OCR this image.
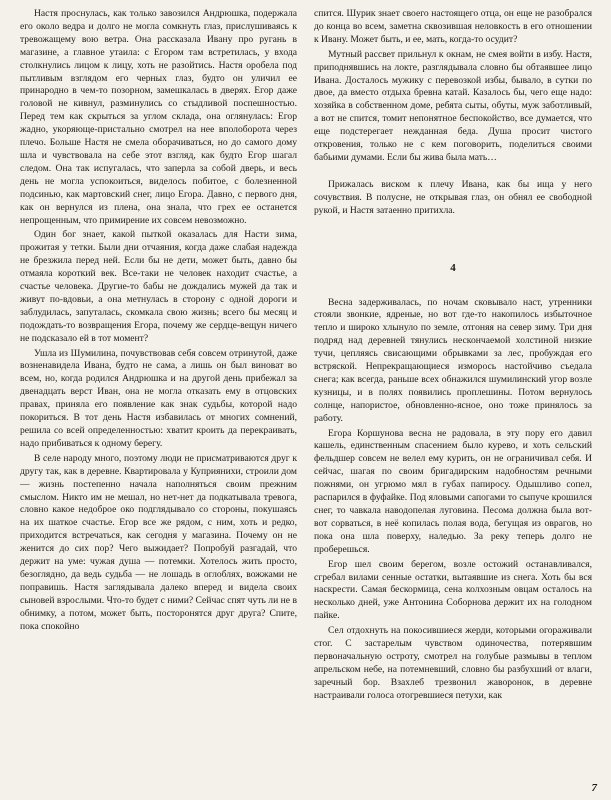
Настя проснулась, как только завозился Андрюшка, подержала его около ведра и долго не могла сомкнуть глаз, прислушиваясь к тревожащему вою ветра. Она рассказала Ивану про ругань в магазине, а главное утаила: с Егором там встретилась, у входа столкнулись лицом к лицу, хоть не разойтись. Настя оробела под пытливым взглядом его черных глаз, будто он уличил ее принародно в чем-то позорном, замешкалась в дверях. Егор даже головой не кивнул, разминулись со стыдливой поспешностью. Перед тем как скрыться за углом склада, она оглянулась: Егор жадно, укоряюще-пристально смотрел на нее вполоборота через плечо. Больше Настя не смела оборачиваться, но до самого дому шла и чувствовала на себе этот взгляд, как будто Егор шагал следом. Она так испугалась, что заперла за собой дверь, и весь день не могла успокоиться, виделось побитое, с болезненной подсинью, как мартовский снег, лицо Егора. Давно, с первого дня, как он вернулся из плена, она знала, что грех ее останется непрощенным, что примирение их совсем невозможно.

Один бог знает, какой пыткой оказалась для Насти зима, прожитая у тетки. Были дни отчаяния, когда даже слабая надежда не брезжила перед ней. Если бы не дети, может быть, давно бы отмаяла короткий век. Все-таки не человек находит счастье, а счастье человека. Другие-то бабы не дождались мужей да так и живут по-вдовьи, а она метнулась в сторону с одной дороги и заблудилась, запуталась, скомкала свою жизнь; всего бы месяц и подождать-то возвращения Егора, почему же сердце-вещун ничего не подсказало ей в тот момент?

Ушла из Шумилина, почувствовав себя совсем отринутой, даже возненавидела Ивана, будто не сама, а лишь он был виноват во всем, но, когда родился Андрюшка и на другой день прибежал за двенадцать верст Иван, она не могла отказать ему в отцовских правах, приняла его появление как знак судьбы, которой надо покориться. В тот день Настя избавилась от многих сомнений, решила со всей определенностью: хватит кроить да перекраивать, надо прибиваться к одному берегу.

В селе народу много, поэтому люди не присматриваются друг к другу так, как в деревне. Квартировала у Куприянихи, строили дом — жизнь постепенно начала наполняться своим прежним смыслом. Никто им не мешал, но нет-нет да подкатывала тревога, словно какое недоброе око подглядывало со стороны, покушаясь на их шаткое счастье. Егор все же рядом, с ним, хоть и редко, приходится встречаться, как сегодня у магазина. Почему он не женится до сих пор? Чего выжидает? Попробуй разгадай, что держит на уме: чужая душа — потемки. Хотелось жить просто, безоглядно, да ведь судьба — не лошадь в оглоблях, вожжами не поправишь. Настя заглядывала далеко вперед и видела своих сыновей взрослыми. Что-то будет с ними? Сейчас спят чуть ли не в обнимку, а потом, может быть, посторонятся друг друга? Спите, пока спокойно

спится. Шурик знает своего настоящего отца, он еще не разобрался до конца во всем, заметна сквозившая неловкость в его отношении к Ивану. Может быть, и ее, мать, когда-то осудит?

Мутный рассвет прильнул к окнам, не смея войти в избу. Настя, приподнявшись на локте, разглядывала словно бы обтаявшее лицо Ивана. Досталось мужику с перевозкой избы, бывало, в сутки по двое, да вместо отдыха бревна катай. Казалось бы, чего еще надо: хозяйка в собственном доме, ребята сыты, обуты, муж заботливый, а вот не спится, томит непонятное беспокойство, все думается, что еще подстерегает нежданная беда. Душа просит чистого откровения, только не с кем поговорить, поделиться своими бабьими думами. Если бы жива была мать…

Прижалась виском к плечу Ивана, как бы ища у него сочувствия. В полусне, не открывая глаз, он обнял ее свободной рукой, и Настя затаенно притихла.

4

Весна задерживалась, по ночам сковывало наст, утренники стояли звонкие, ядреные, но вот где-то накопилось избыточное тепло и широко хлынуло по земле, отгоняя на север зиму. Три дня подряд над деревней тянулись нескончаемой холстиной низкие тучи, цепляясь свисающими обрывками за лес, пробуждая его встряской. Непрекращающиеся изморось настойчиво съедала снега; как всегда, раньше всех обнажился шумилинский угор возле кузницы, и в полях появились проплешины. Потом вернулось солнце, напористое, обновленно-ясное, оно тоже принялось за работу.

Егора Коршунова весна не радовала, в эту пору его давил кашель, единственным спасением было курево, и хоть сельский фельдшер совсем не велел ему курить, он не ограничивал себя. И сейчас, шагая по своим бригадирским надобностям речными пожнями, он угрюмо мял в губах папиросу. Одышливо сопел, распарился в фуфайке. Под яловыми сапогами то сыпуче крошился снег, то чавкала наводопелая луговина. Песома должна была вот-вот сорваться, в неё копилась полая вода, бегущая из оврагов, но пока она шла поверху, наледью. За реку теперь долго не проберешься.

Егор шел своим берегом, возле остожий останавливался, сгребал вилами сенные остатки, вытаявшие из снега. Хоть бы вся наскрести. Самая бескормица, сена колхозным овцам осталось на несколько дней, уже Антонина Соборнова держит их на голодном пайке.

Сел отдохнуть на покосившиеся жерди, которыми огораживали стог. С застарелым чувством одиночества, потерявшим первоначальную остроту, смотрел на голубые размывы в теплом апрельском небе, на потемневший, словно бы разбухший от влаги, заречный бор. Взахлеб трезвонил жаворонок, в деревне настраивали голоса отогревшиеся петухи, как

7
